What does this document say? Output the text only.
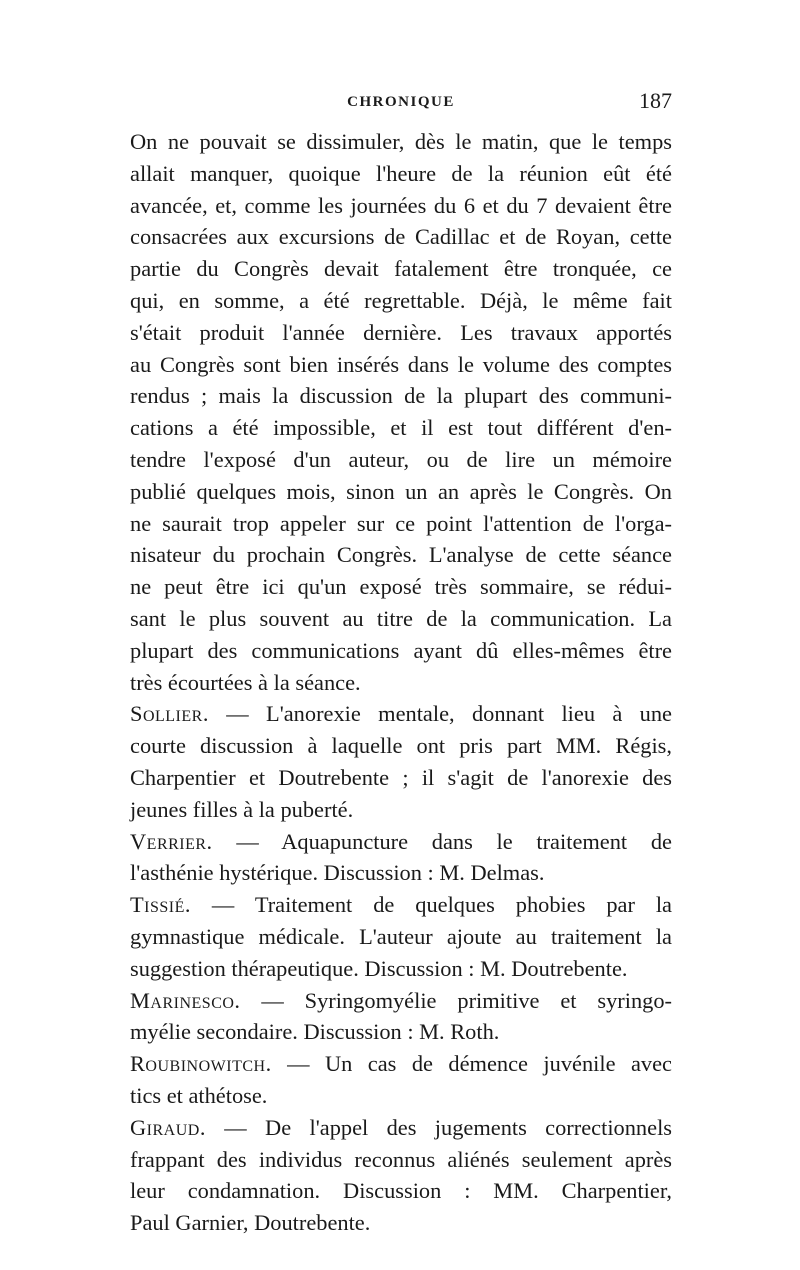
CHRONIQUE	187

On ne pouvait se dissimuler, dès le matin, que le temps
allait manquer, quoique l'heure de la réunion eût été
avancée, et, comme les journées du 6 et du 7 devaient être
consacrées aux excursions de Cadillac et de Royan, cette
partie du Congrès devait fatalement être tronquée, ce
qui, en somme, a été regrettable. Déjà, le même fait
s'était produit l'année dernière. Les travaux apportés
au Congrès sont bien insérés dans le volume des comptes
rendus ; mais la discussion de la plupart des communi-
cations a été impossible, et il est tout différent d'en-
tendre l'exposé d'un auteur, ou de lire un mémoire
publié quelques mois, sinon un an après le Congrès. On
ne saurait trop appeler sur ce point l'attention de l'orga-
nisateur du prochain Congrès. L'analyse de cette séance
ne peut être ici qu'un exposé très sommaire, se rédui-
sant le plus souvent au titre de la communication. La
plupart des communications ayant dû elles-mêmes être
très écourtées à la séance.

Sollier. — L'anorexie mentale, donnant lieu à une
courte discussion à laquelle ont pris part MM. Régis,
Charpentier et Doutrebente ; il s'agit de l'anorexie des
jeunes filles à la puberté.

Verrier. — Aquapuncture dans le traitement de
l'asthénie hystérique. Discussion : M. Delmas.

Tissié. — Traitement de quelques phobies par la
gymnastique médicale. L'auteur ajoute au traitement la
suggestion thérapeutique. Discussion : M. Doutrebente.

Marinesco. — Syringomyélie primitive et syringo-
myélie secondaire. Discussion : M. Roth.

Roubinowitch. — Un cas de démence juvénile avec
tics et athétose.

Giraud. — De l'appel des jugements correctionnels
frappant des individus reconnus aliénés seulement après
leur condamnation. Discussion : MM. Charpentier,
Paul Garnier, Doutrebente.
